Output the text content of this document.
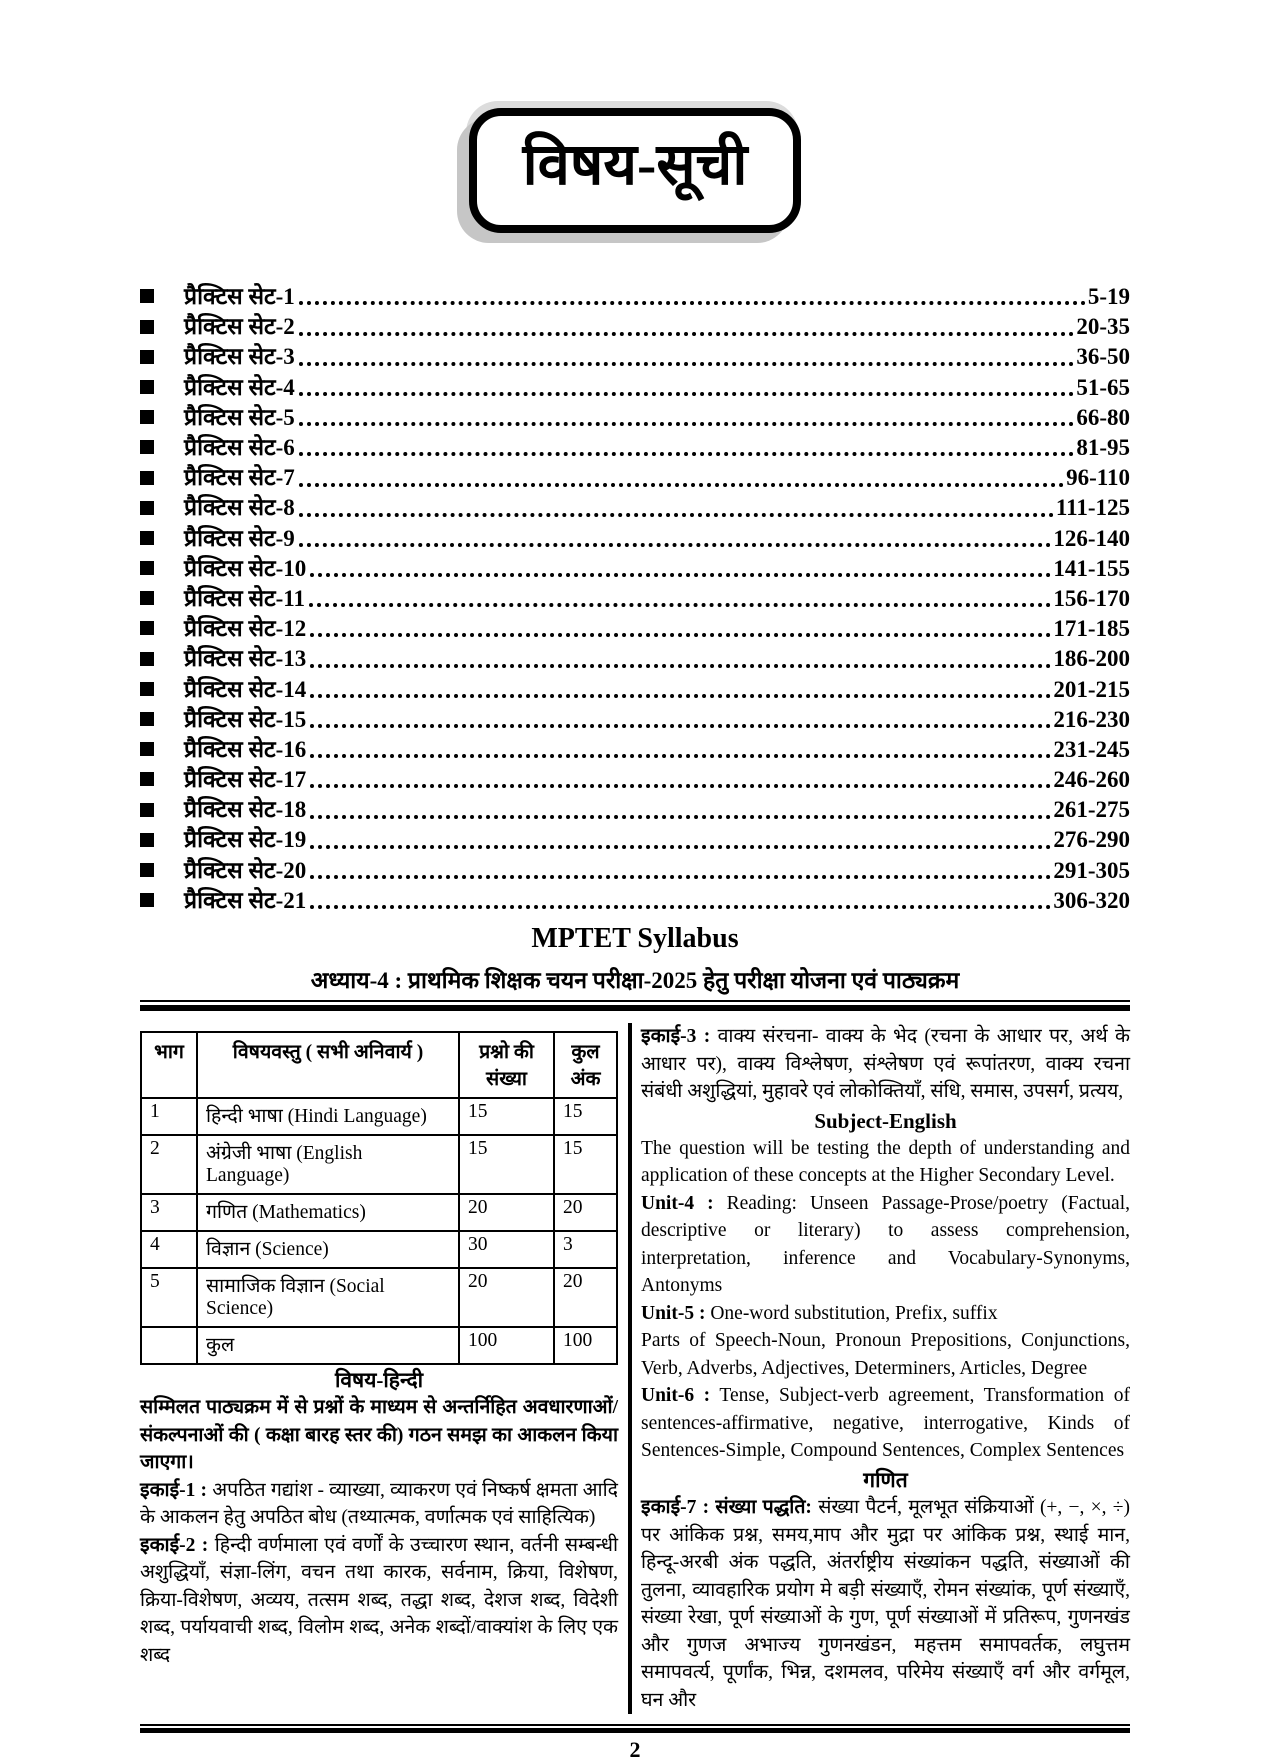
विषय-सूची
प्रैक्टिस सेट-1	5-19
प्रैक्टिस सेट-2	20-35
प्रैक्टिस सेट-3	36-50
प्रैक्टिस सेट-4	51-65
प्रैक्टिस सेट-5	66-80
प्रैक्टिस सेट-6	81-95
प्रैक्टिस सेट-7	96-110
प्रैक्टिस सेट-8	111-125
प्रैक्टिस सेट-9	126-140
प्रैक्टिस सेट-10	141-155
प्रैक्टिस सेट-11	156-170
प्रैक्टिस सेट-12	171-185
प्रैक्टिस सेट-13	186-200
प्रैक्टिस सेट-14	201-215
प्रैक्टिस सेट-15	216-230
प्रैक्टिस सेट-16	231-245
प्रैक्टिस सेट-17	246-260
प्रैक्टिस सेट-18	261-275
प्रैक्टिस सेट-19	276-290
प्रैक्टिस सेट-20	291-305
प्रैक्टिस सेट-21	306-320
MPTET Syllabus
अध्याय-4 : प्राथमिक शिक्षक चयन परीक्षा-2025 हेतु परीक्षा योजना एवं पाठ्यक्रम
भाग	विषयवस्तु ( सभी अनिवार्य )	प्रश्नो की संख्या	कुल अंक
1	हिन्दी भाषा (Hindi Language)	15	15
2	अंग्रेजी भाषा (English Language)	15	15
3	गणित (Mathematics)	20	20
4	विज्ञान (Science)	30	3
5	सामाजिक विज्ञान (Social Science)	20	20
	कुल	100	100
विषय-हिन्दी

सम्मिलत पाठ्यक्रम में से प्रश्नों के माध्यम से अन्तर्निहित अवधारणाओं/संकल्पनाओं की ( कक्षा बारह स्तर की) गठन समझ का आकलन किया जाएगा।

इकाई-1 : अपठित गद्यांश - व्याख्या, व्याकरण एवं निष्कर्ष क्षमता आदि के आकलन हेतु अपठित बोध (तथ्यात्मक, वर्णात्मक एवं साहित्यिक)

इकाई-2 : हिन्दी वर्णमाला एवं वर्णों के उच्चारण स्थान, वर्तनी सम्बन्धी अशुद्धियाँ, संज्ञा-लिंग, वचन तथा कारक, सर्वनाम, क्रिया, विशेषण, क्रिया-विशेषण, अव्यय, तत्सम शब्द, तद्धा शब्द, देशज शब्द, विदेशी शब्द, पर्यायवाची शब्द, विलोम शब्द, अनेक शब्दों/वाक्यांश के लिए एक शब्द

इकाई-3 : वाक्य संरचना- वाक्य के भेद (रचना के आधार पर, अर्थ के आधार पर), वाक्य विश्लेषण, संश्लेषण एवं रूपांतरण, वाक्य रचना संबंधी अशुद्धियां, मुहावरे एवं लोकोक्तियाँ, संधि, समास, उपसर्ग, प्रत्यय,

Subject-English

The question will be testing the depth of understanding and application of these concepts at the Higher Secondary Level.

Unit-4 : Reading: Unseen Passage-Prose/poetry (Factual, descriptive or literary) to assess comprehension, interpretation, inference and Vocabulary-Synonyms, Antonyms

Unit-5 : One-word substitution, Prefix, suffix

Parts of Speech-Noun, Pronoun Prepositions, Conjunctions, Verb, Adverbs, Adjectives, Determiners, Articles, Degree

Unit-6 : Tense, Subject-verb agreement, Transformation of sentences-affirmative, negative, interrogative, Kinds of Sentences-Simple, Compound Sentences, Complex Sentences

गणित

इकाई-7 : संख्या पद्धति: संख्या पैटर्न, मूलभूत संक्रियाओं (+, −, ×, ÷) पर आंकिक प्रश्न, समय,माप और मुद्रा पर आंकिक प्रश्न, स्थाई मान, हिन्दू-अरबी अंक पद्धति, अंतर्राष्ट्रीय संख्यांकन पद्धति, संख्याओं की तुलना, व्यावहारिक प्रयोग मे बड़ी संख्याएँ, रोमन संख्यांक, पूर्ण संख्याएँ, संख्या रेखा, पूर्ण संख्याओं के गुण, पूर्ण संख्याओं में प्रतिरूप, गुणनखंड और गुणज अभाज्य गुणनखंडन, महत्तम समापवर्तक, लघुत्तम समापवर्त्य, पूर्णांक, भिन्न, दशमलव, परिमेय संख्याएँ वर्ग और वर्गमूल, घन और

2
